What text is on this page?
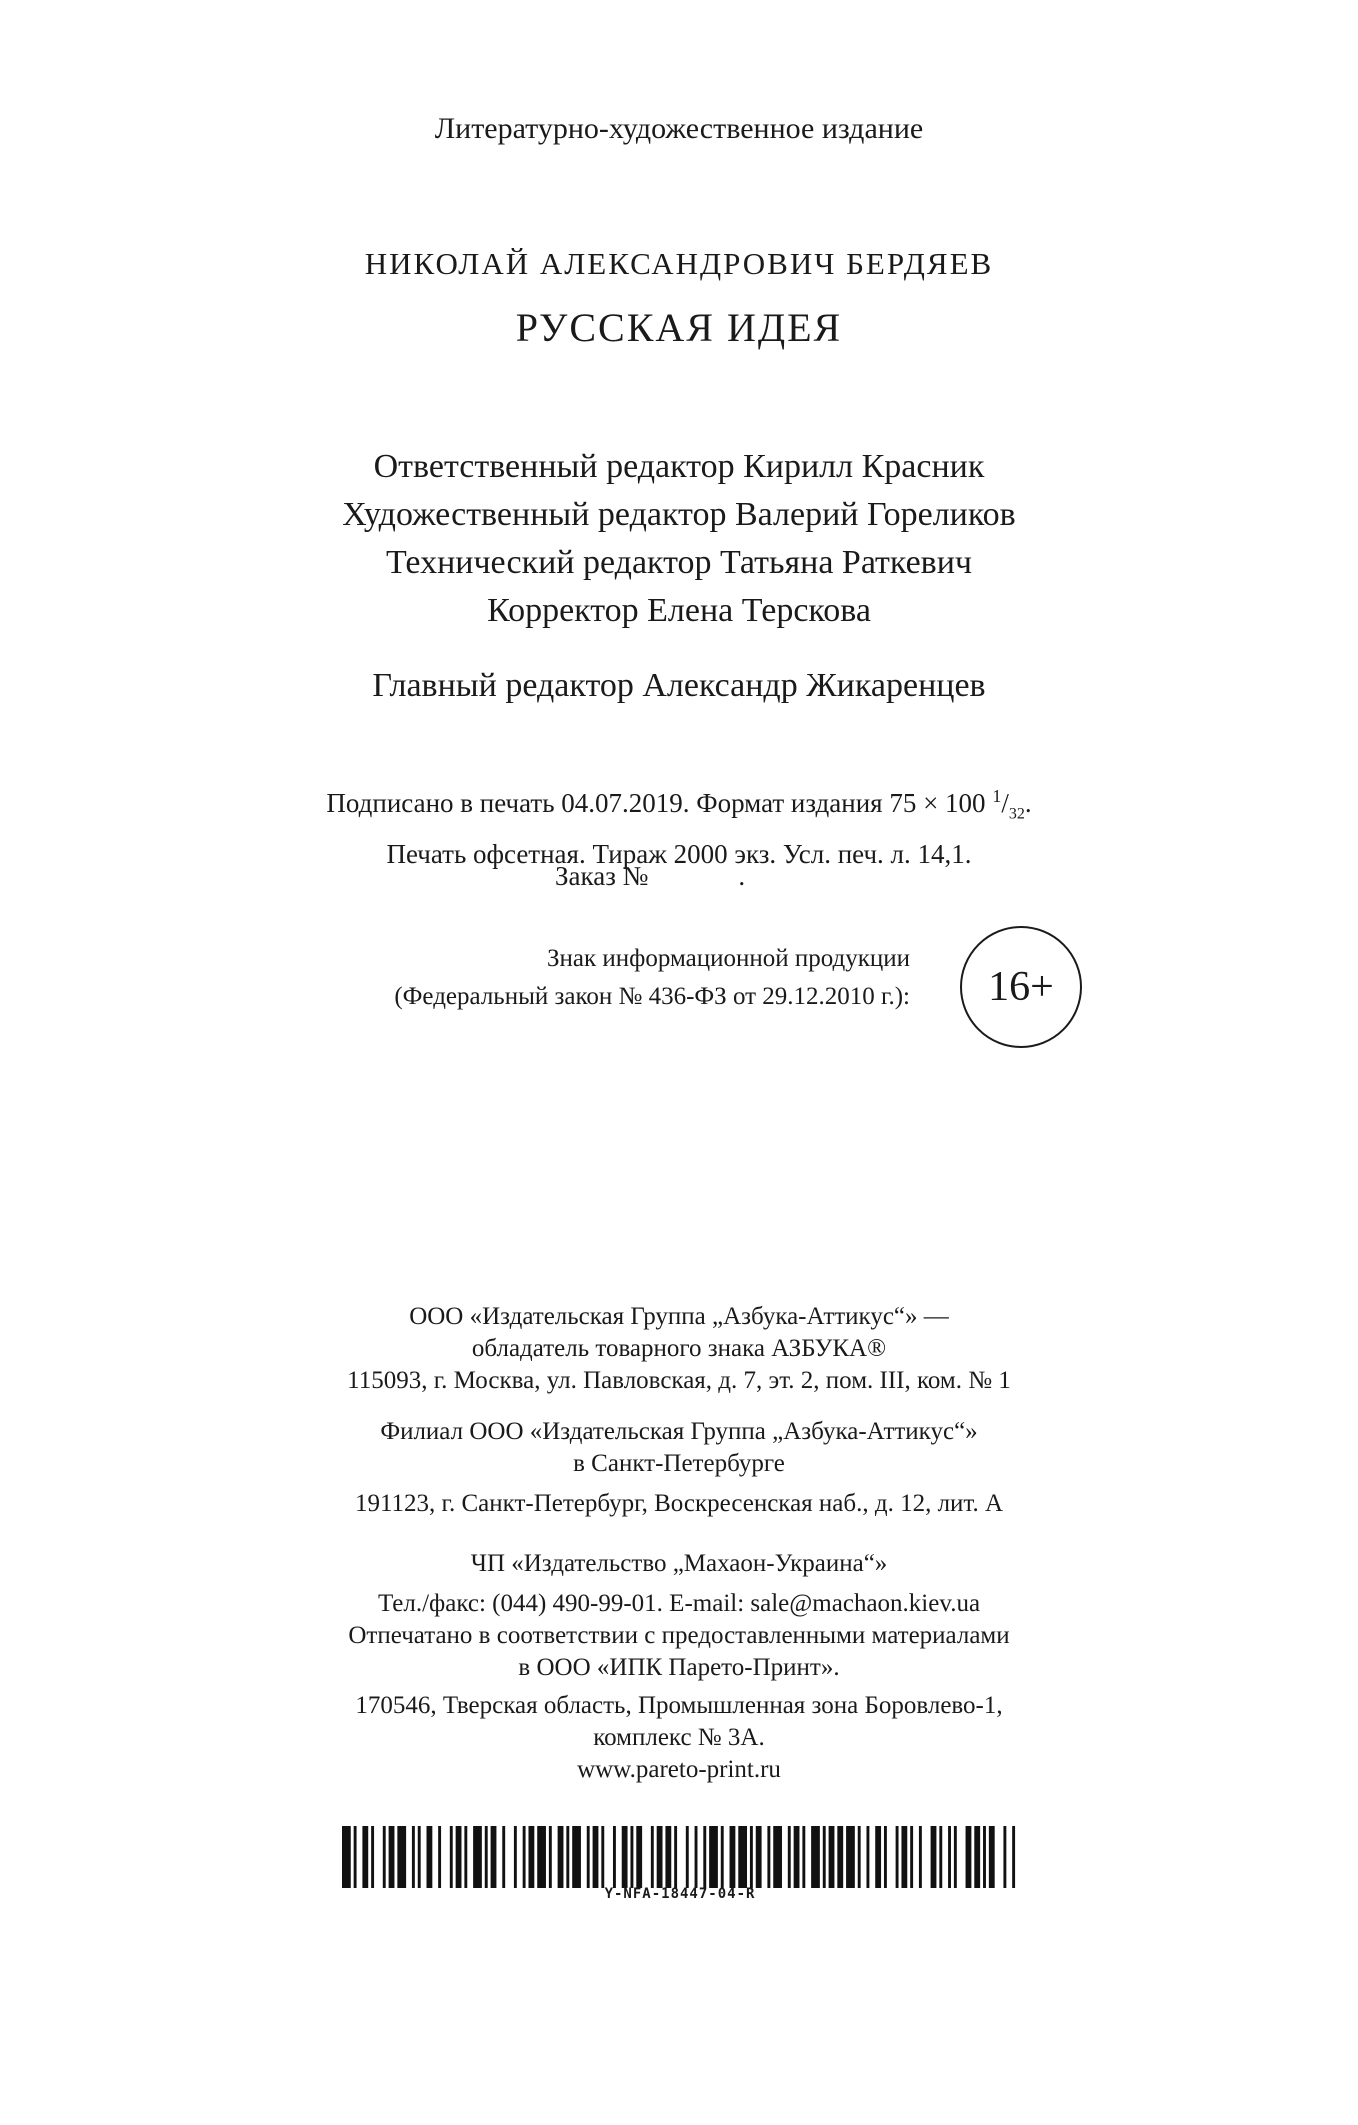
Литературно-художественное издание
НИКОЛАЙ АЛЕКСАНДРОВИЧ БЕРДЯЕВ
РУССКАЯ ИДЕЯ
Ответственный редактор Кирилл Красник
Художественный редактор Валерий Гореликов
Технический редактор Татьяна Раткевич
Корректор Елена Терскова
Главный редактор Александр Жикаренцев
Подписано в печать 04.07.2019. Формат издания 75 × 100 $^1/_{32}$.
Печать офсетная. Тираж 2000 экз. Усл. печ. л. 14,1.
Заказ №	.
Знак информационной продукции
(Федеральный закон № 436-ФЗ от 29.12.2010 г.): 16+
ООО «Издательская Группа „Азбука-Аттикус“» —
обладатель товарного знака АЗБУКА®
115093, г. Москва, ул. Павловская, д. 7, эт. 2, пом. III, ком. № 1
Филиал ООО «Издательская Группа „Азбука-Аттикус“»
в Санкт-Петербурге
191123, г. Санкт-Петербург, Воскресенская наб., д. 12, лит. А
ЧП «Издательство „Махаон-Украина“»
Тел./факс: (044) 490-99-01. E-mail: sale@machaon.kiev.ua
Отпечатано в соответствии с предоставленными материалами
в ООО «ИПК Парето-Принт».
170546, Тверская область, Промышленная зона Боровлево-1,
комплекс № 3А.
www.pareto-print.ru
Y-NFA-18447-04-R
